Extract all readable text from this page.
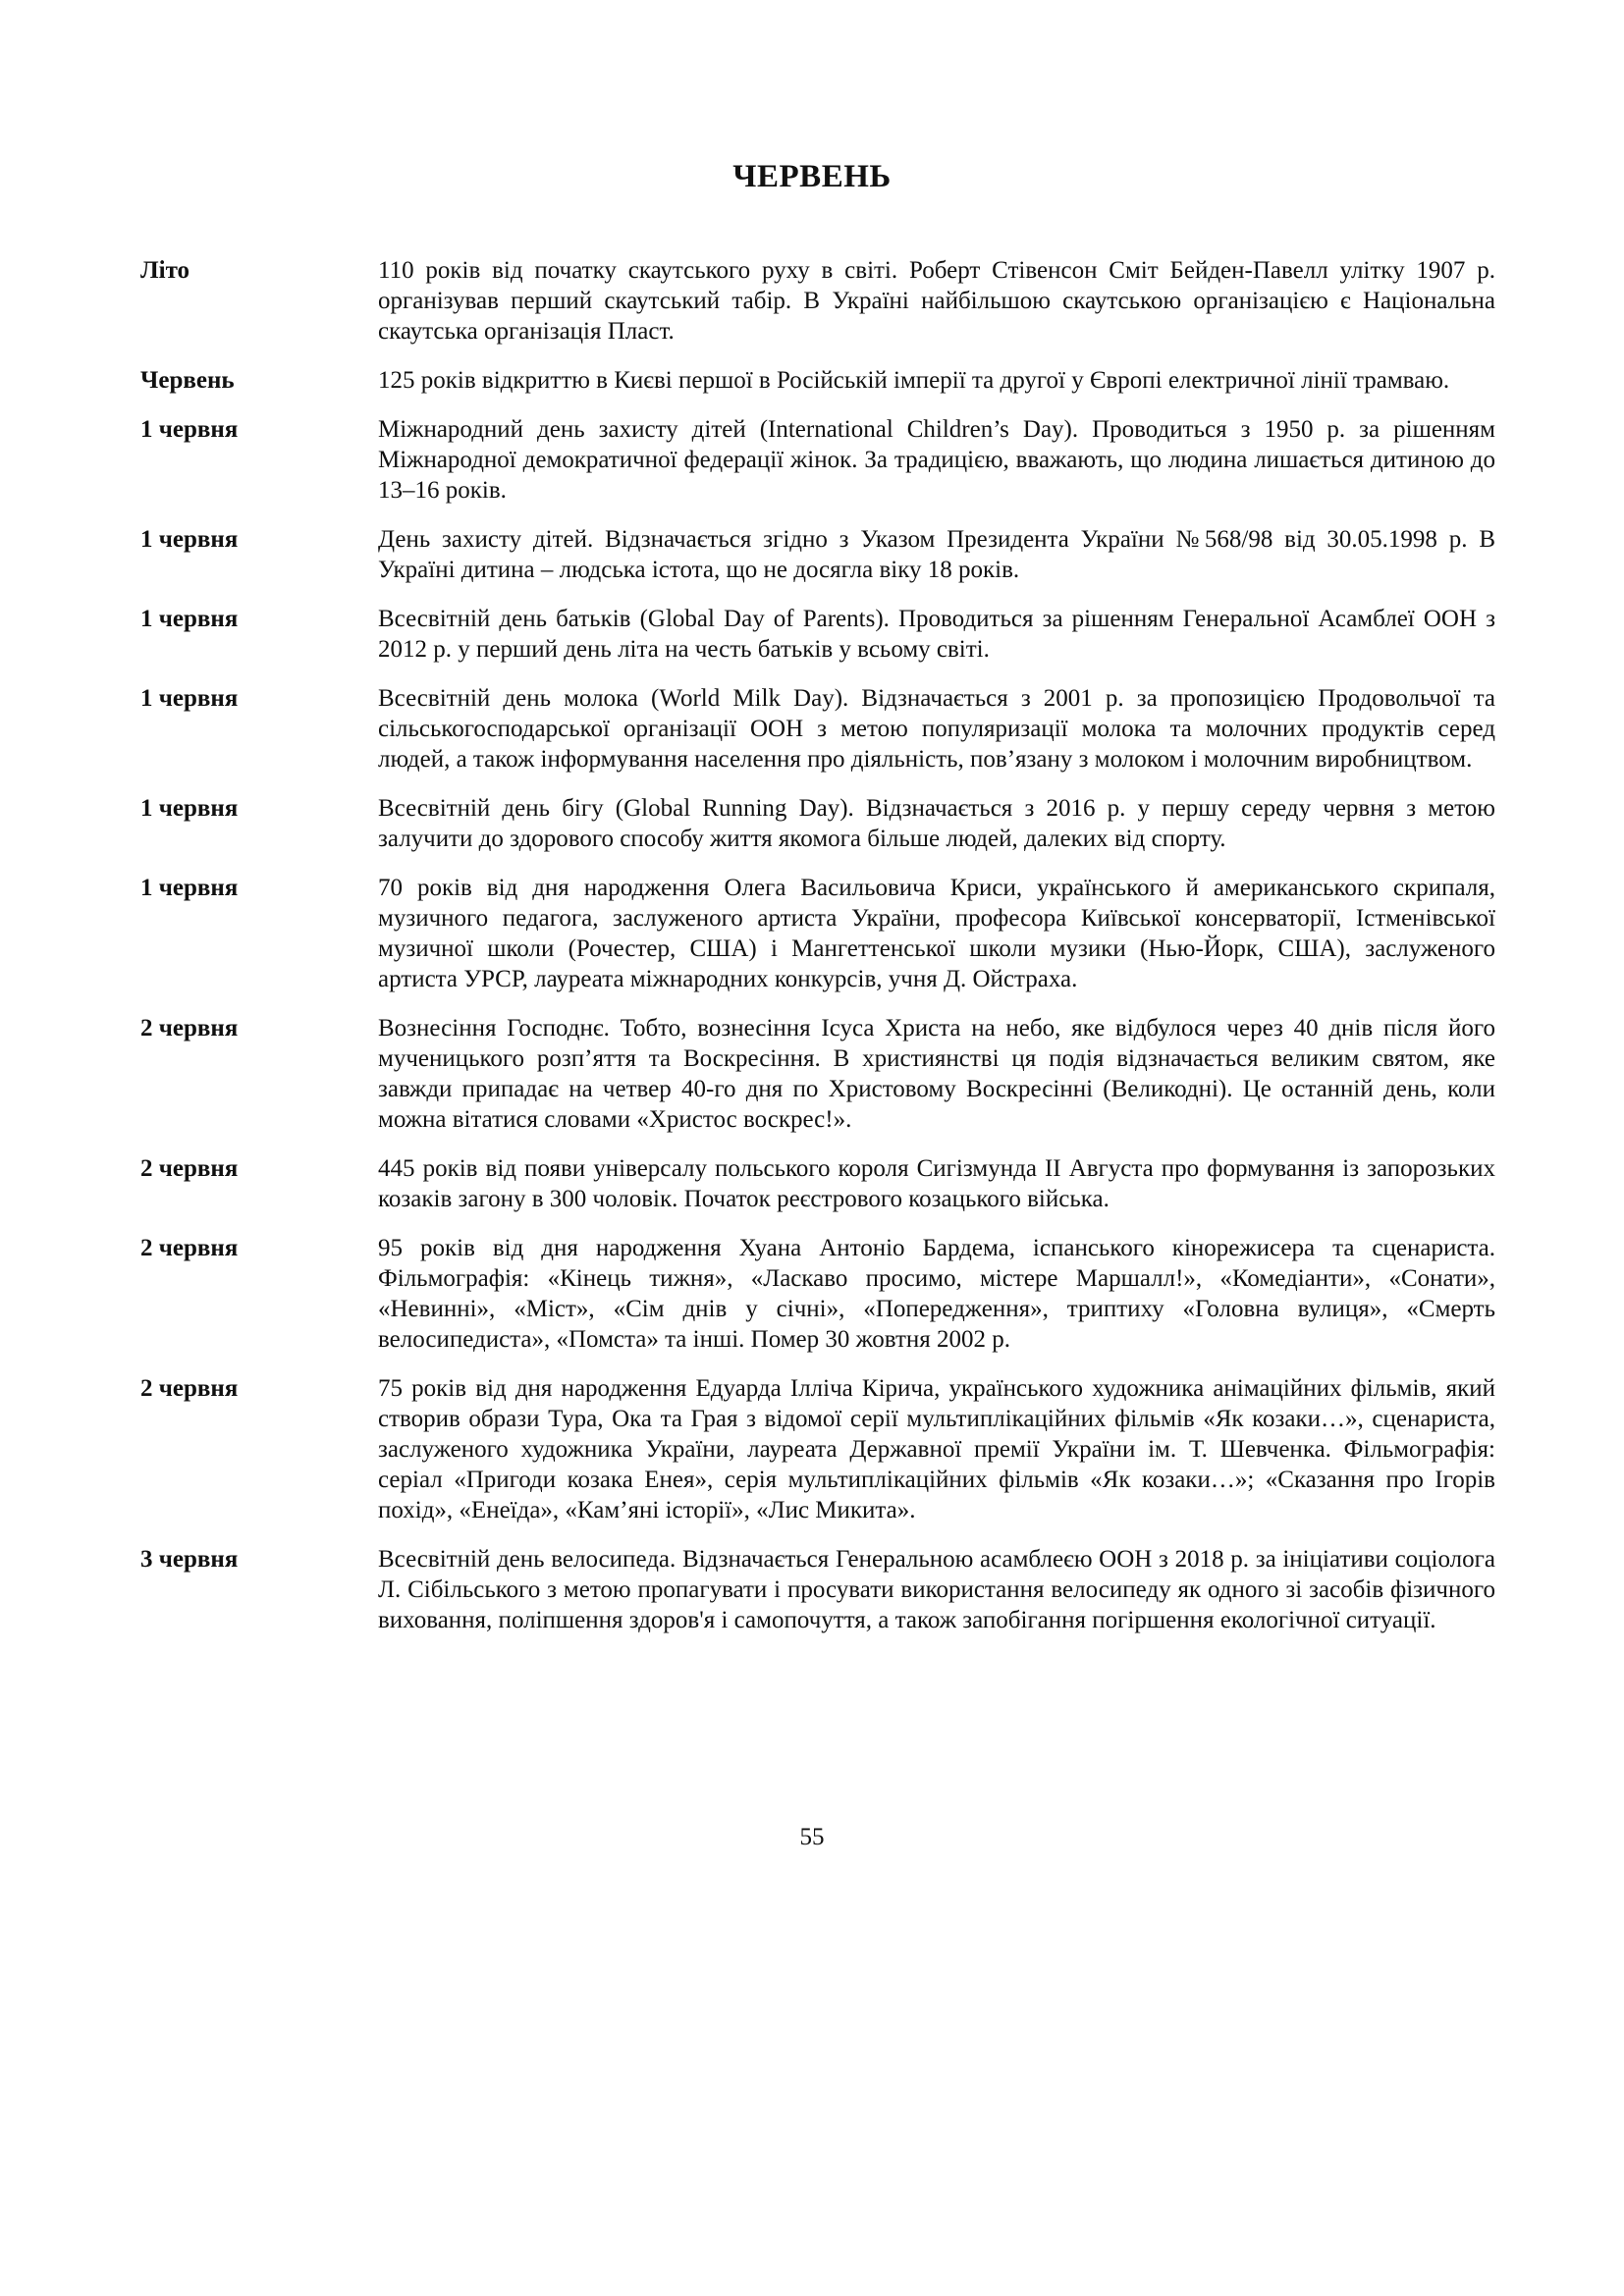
ЧЕРВЕНЬ
Літо	110 років від початку скаутського руху в світі. Роберт Стівенсон Сміт Бейден-Павелл улітку 1907 р. організував перший скаутський табір. В Україні найбільшою скаутською організацією є Національна скаутська організація Пласт.
Червень	125 років відкриттю в Києві першої в Російській імперії та другої у Європі електричної лінії трамваю.
1 червня	Міжнародний день захисту дітей (International Children’s Day). Проводиться з 1950 р. за рішенням Міжнародної демократичної федерації жінок. За традицією, вважають, що людина лишається дитиною до 13–16 років.
1 червня	День захисту дітей. Відзначається згідно з Указом Президента України №568/98 від 30.05.1998 р. В Україні дитина – людська істота, що не досягла віку 18 років.
1 червня	Всесвітній день батьків (Global Day of Parents). Проводиться за рішенням Генеральної Асамблеї ООН з 2012 р. у перший день літа на честь батьків у всьому світі.
1 червня	Всесвітній день молока (World Milk Day). Відзначається з 2001 р. за пропозицією Продовольчої та сільськогосподарської організації ООН з метою популяризації молока та молочних продуктів серед людей, а також інформування населення про діяльність, пов’язану з молоком і молочним виробництвом.
1 червня	Всесвітній день бігу (Global Running Day). Відзначається з 2016 р. у першу середу червня з метою залучити до здорового способу життя якомога більше людей, далеких від спорту.
1 червня	70 років від дня народження Олега Васильовича Криси, українського й американського скрипаля, музичного педагога, заслуженого артиста України, професора Київської консерваторії, Істменівської музичної школи (Рочестер, США) і Мангеттенської школи музики (Нью-Йорк, США), заслуженого артиста УРСР, лауреата міжнародних конкурсів, учня Д. Ойстраха.
2 червня	Вознесіння Господнє. Тобто, вознесіння Ісуса Христа на небо, яке відбулося через 40 днів після його мученицького розп’яття та Воскресіння. В християнстві ця подія відзначається великим святом, яке завжди припадає на четвер 40-го дня по Христовому Воскресінні (Великодні). Це останній день, коли можна вітатися словами «Христос воскрес!».
2 червня	445 років від появи універсалу польського короля Сигізмунда II Августа про формування із запорозьких козаків загону в 300 чоловік. Початок реєстрового козацького війська.
2 червня	95 років від дня народження Хуана Антоніо Бардема, іспанського кінорежисера та сценариста. Фільмографія: «Кінець тижня», «Ласкаво просимо, містере Маршалл!», «Комедіанти», «Сонати», «Невинні», «Міст», «Сім днів у січні», «Попередження», триптиху «Головна вулиця», «Смерть велосипедиста», «Помста» та інші. Помер 30 жовтня 2002 р.
2 червня	75 років від дня народження Едуарда Ілліча Кірича, українського художника анімаційних фільмів, який створив образи Тура, Ока та Грая з відомої серії мультиплікаційних фільмів «Як козаки…», сценариста, заслуженого художника України, лауреата Державної премії України ім. Т. Шевченка. Фільмографія: серіал «Пригоди козака Енея», серія мультиплікаційних фільмів «Як козаки…»; «Сказання про Ігорів похід», «Енеїда», «Кам’яні історії», «Лис Микита».
3 червня	Всесвітній день велосипеда. Відзначається Генеральною асамблеєю ООН з 2018 р. за ініціативи соціолога Л. Сібільського з метою пропагувати і просувати використання велосипеду як одного зі засобів фізичного виховання, поліпшення здоров'я і самопочуття, а також запобігання погіршення екологічної ситуації.
55
